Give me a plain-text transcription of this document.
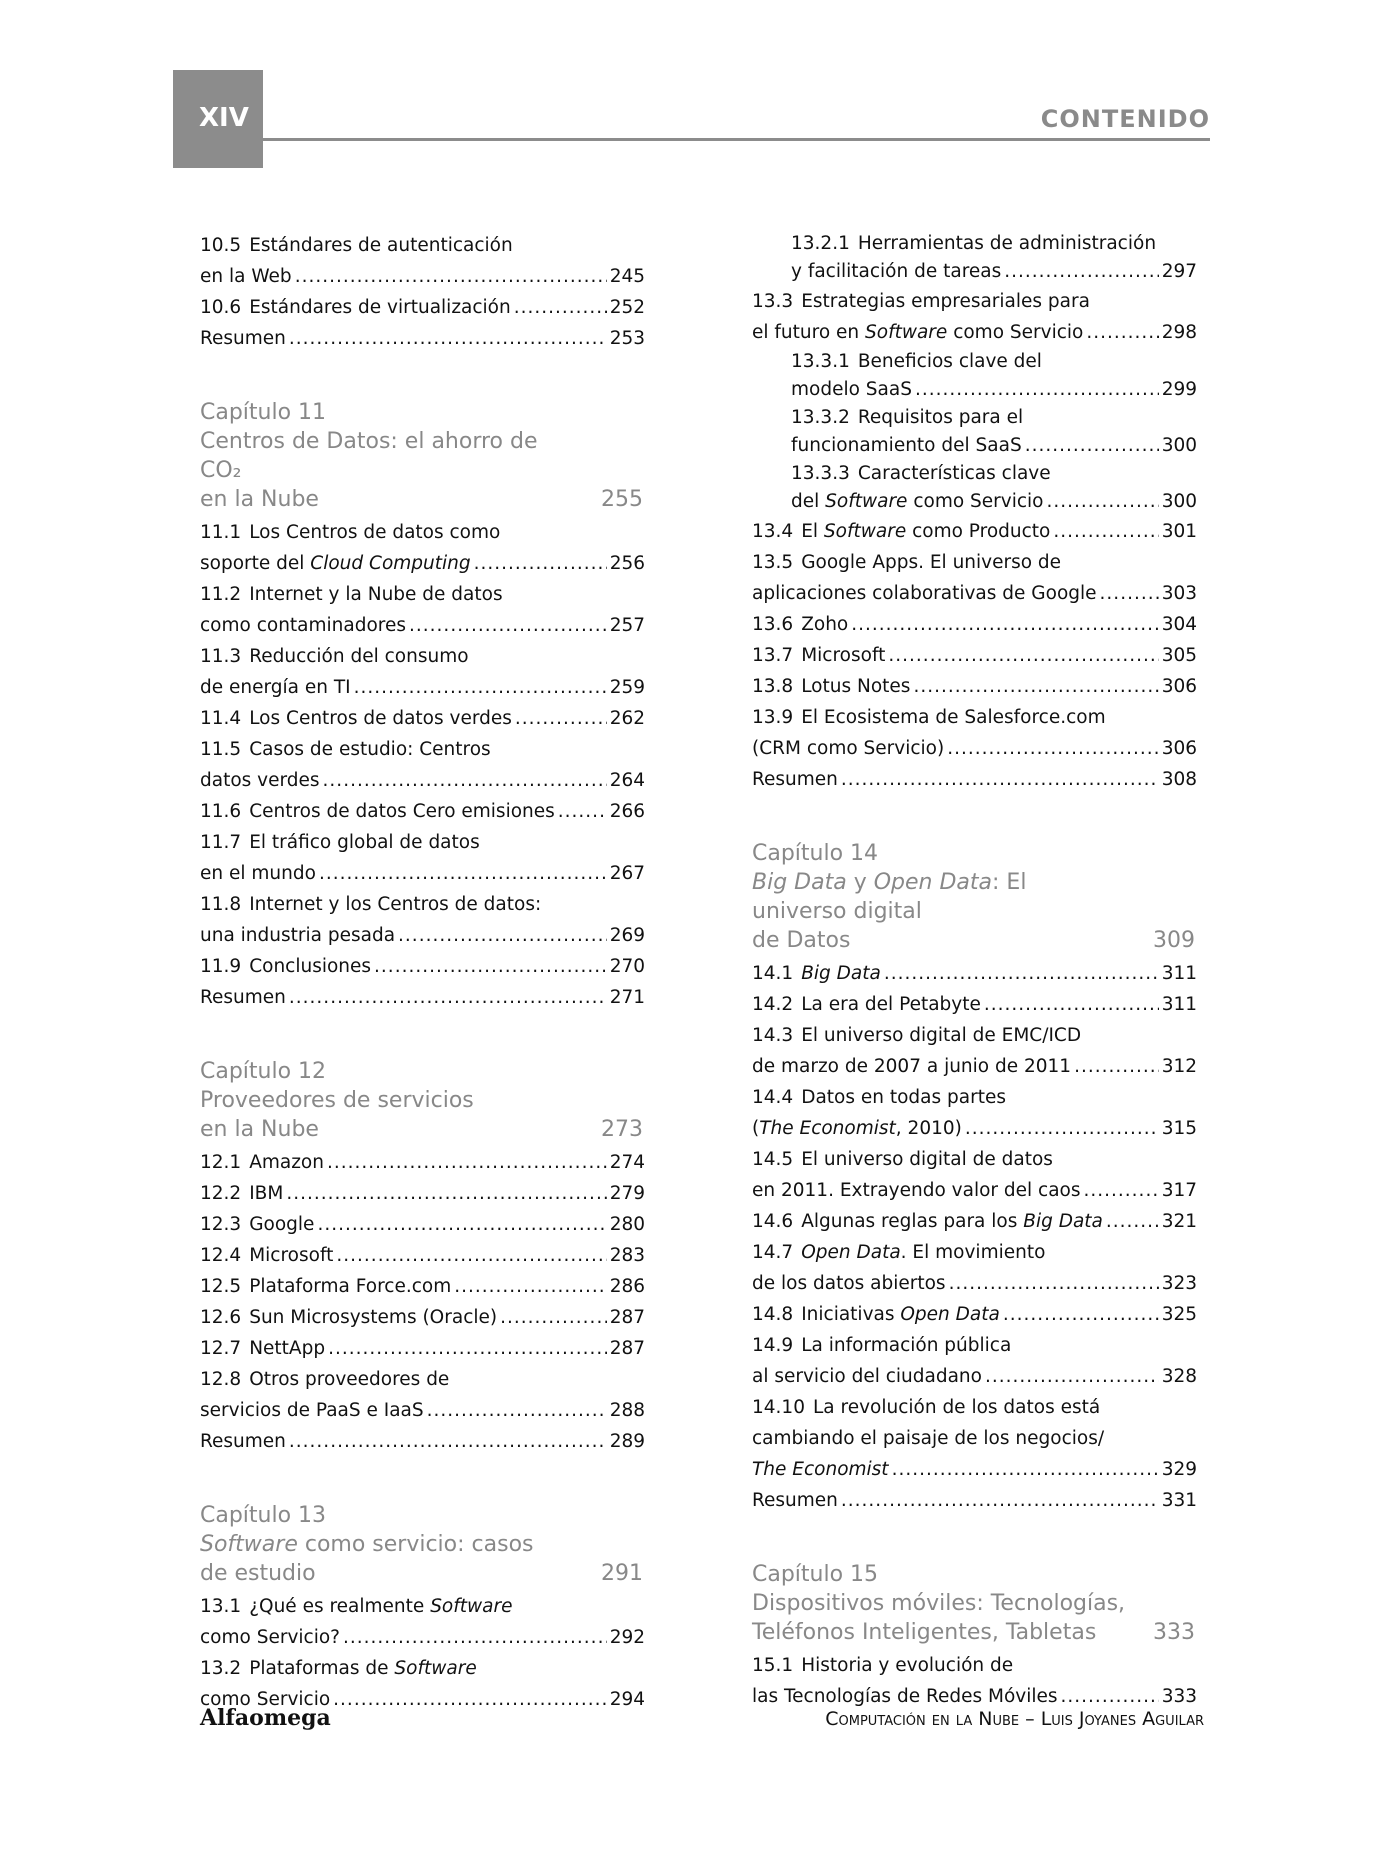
XIV	CONTENIDO
10.5 Estándares de autenticación
en la Web .....	245
10.6 Estándares de virtualización .....	252
Resumen .....	253
Capítulo 11
Centros de Datos: el ahorro de CO₂
en la Nube	255
11.1 Los Centros de datos como
soporte del Cloud Computing .....	256
11.2 Internet y la Nube de datos
como contaminadores .....	257
11.3 Reducción del consumo
de energía en TI .....	259
11.4 Los Centros de datos verdes .....	262
11.5 Casos de estudio: Centros
datos verdes .....	264
11.6 Centros de datos Cero emisiones .....	266
11.7 El tráfico global de datos
en el mundo .....	267
11.8 Internet y los Centros de datos:
una industria pesada .....	269
11.9 Conclusiones .....	270
Resumen .....	271
Capítulo 12
Proveedores de servicios
en la Nube	273
12.1 Amazon .....	274
12.2 IBM .....	279
12.3 Google .....	280
12.4 Microsoft .....	283
12.5 Plataforma Force.com .....	286
12.6 Sun Microsystems (Oracle) .....	287
12.7 NettApp .....	287
12.8 Otros proveedores de
servicios de PaaS e IaaS .....	288
Resumen .....	289
Capítulo 13
Software como servicio: casos
de estudio	291
13.1 ¿Qué es realmente Software
como Servicio? .....	292
13.2 Plataformas de Software
como Servicio .....	294
13.2.1 Herramientas de administración
y facilitación de tareas .....	297
13.3 Estrategias empresariales para
el futuro en Software como Servicio .....	298
13.3.1 Beneficios clave del
modelo SaaS .....	299
13.3.2 Requisitos para el
funcionamiento del SaaS .....	300
13.3.3 Características clave
del Software como Servicio .....	300
13.4 El Software como Producto .....	301
13.5 Google Apps. El universo de
aplicaciones colaborativas de Google .....	303
13.6 Zoho .....	304
13.7 Microsoft .....	305
13.8 Lotus Notes .....	306
13.9 El Ecosistema de Salesforce.com
(CRM como Servicio) .....	306
Resumen .....	308
Capítulo 14
Big Data y Open Data: El universo digital
de Datos	309
14.1 Big Data .....	311
14.2 La era del Petabyte .....	311
14.3 El universo digital de EMC/ICD
de marzo de 2007 a junio de 2011 .....	312
14.4 Datos en todas partes
(The Economist, 2010) .....	315
14.5 El universo digital de datos
en 2011. Extrayendo valor del caos .....	317
14.6 Algunas reglas para los Big Data .....	321
14.7 Open Data. El movimiento
de los datos abiertos .....	323
14.8 Iniciativas Open Data .....	325
14.9 La información pública
al servicio del ciudadano .....	328
14.10 La revolución de los datos está
cambiando el paisaje de los negocios/
The Economist .....	329
Resumen .....	331
Capítulo 15
Dispositivos móviles: Tecnologías,
Teléfonos Inteligentes, Tabletas	333
15.1 Historia y evolución de
las Tecnologías de Redes Móviles .....	333
Alfaomega	Computación en la Nube – Luis Joyanes Aguilar
